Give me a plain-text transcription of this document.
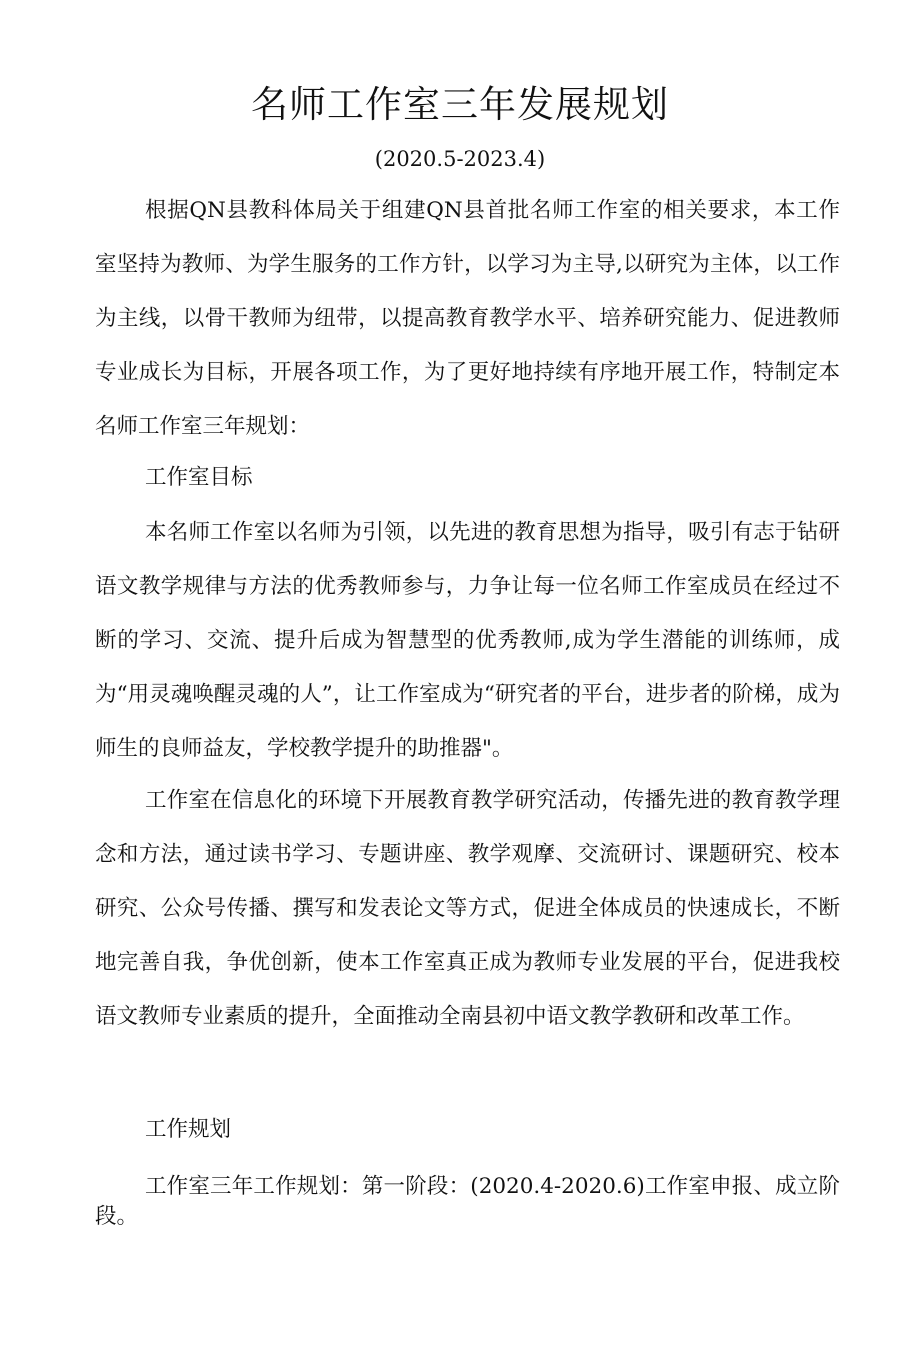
名师工作室三年发展规划
(2020.5-2023.4)
根据QN县教科体局关于组建QN县首批名师工作室的相关要求，本工作室坚持为教师、为学生服务的工作方针，以学习为主导,以研究为主体，以工作为主线，以骨干教师为纽带，以提高教育教学水平、培养研究能力、促进教师专业成长为目标，开展各项工作，为了更好地持续有序地开展工作，特制定本名师工作室三年规划：
工作室目标
本名师工作室以名师为引领，以先进的教育思想为指导，吸引有志于钻研语文教学规律与方法的优秀教师参与，力争让每一位名师工作室成员在经过不断的学习、交流、提升后成为智慧型的优秀教师,成为学生潜能的训练师，成为“用灵魂唤醒灵魂的人”，让工作室成为“研究者的平台，进步者的阶梯，成为师生的良师益友，学校教学提升的助推器"。
工作室在信息化的环境下开展教育教学研究活动，传播先进的教育教学理念和方法，通过读书学习、专题讲座、教学观摩、交流研讨、课题研究、校本研究、公众号传播、撰写和发表论文等方式，促进全体成员的快速成长，不断地完善自我，争优创新，使本工作室真正成为教师专业发展的平台，促进我校语文教师专业素质的提升，全面推动全南县初中语文教学教研和改革工作。
工作规划
工作室三年工作规划：第一阶段：(2020.4-2020.6)工作室申报、成立阶段。
